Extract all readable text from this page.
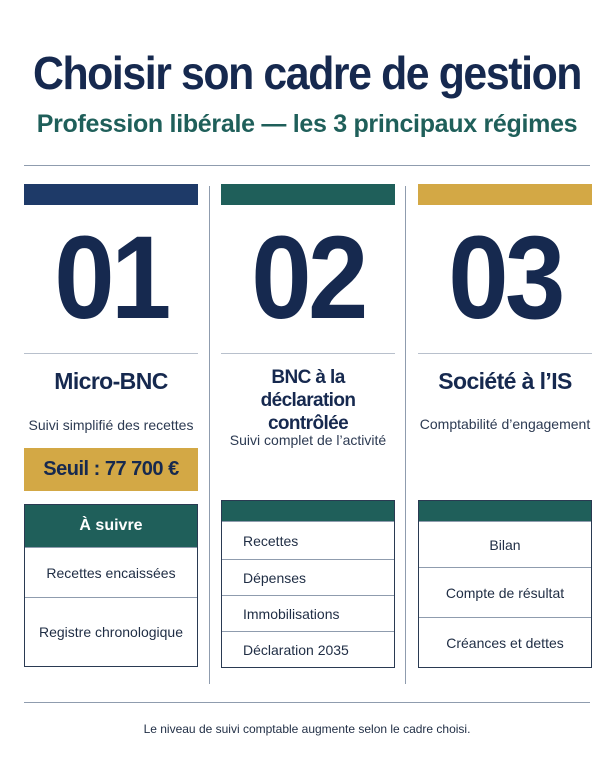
Choisir son cadre de gestion
Profession libérale — les 3 principaux régimes
01
Micro-BNC
Suivi simplifié des recettes
Seuil : 77 700 €
À suivre
Recettes encaissées
Registre chronologique
02
BNC à la
déclaration contrôlée
Suivi complet de l’activité
Recettes
Dépenses
Immobilisations
Déclaration 2035
03
Société à l’IS
Comptabilité d’engagement
Bilan
Compte de résultat
Créances et dettes
Le niveau de suivi comptable augmente selon le cadre choisi.
